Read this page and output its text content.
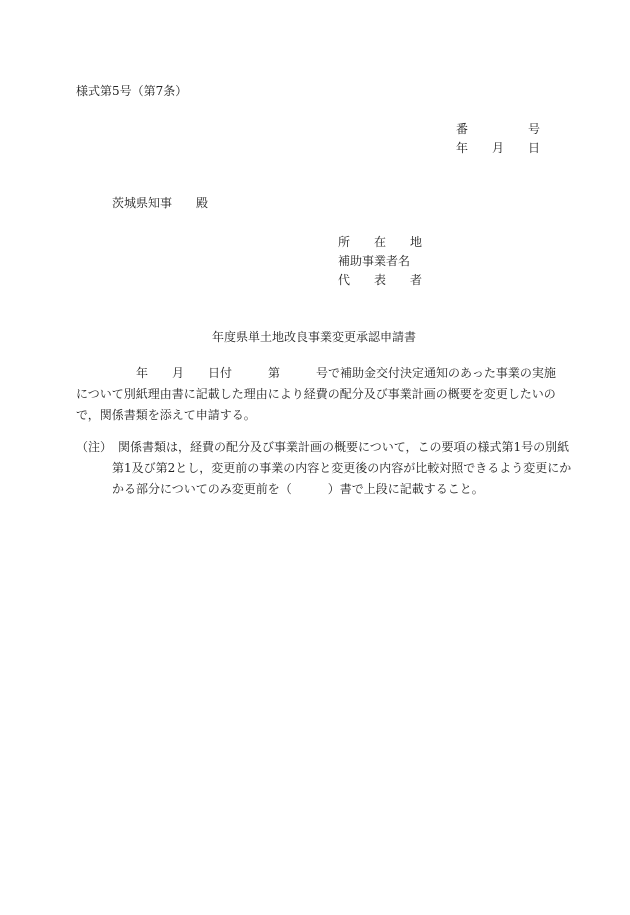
様式第5号（第7条）
番　　　　　号
年　　月　　日
茨城県知事　　殿
所　　在　　地
補助事業者名
代　　表　　者
年度県単土地改良事業変更承認申請書
　　　　　年　　月　　日付　　　第　　　号で補助金交付決定通知のあった事業の実施
について別紙理由書に記載した理由により経費の配分及び事業計画の概要を変更したいの
で，関係書類を添えて申請する。
（注）　関係書類は，経費の配分及び事業計画の概要について，この要項の様式第1号の別紙
　　　第1及び第2とし，変更前の事業の内容と変更後の内容が比較対照できるよう変更にか
　　　かる部分についてのみ変更前を（　　　）書で上段に記載すること。
